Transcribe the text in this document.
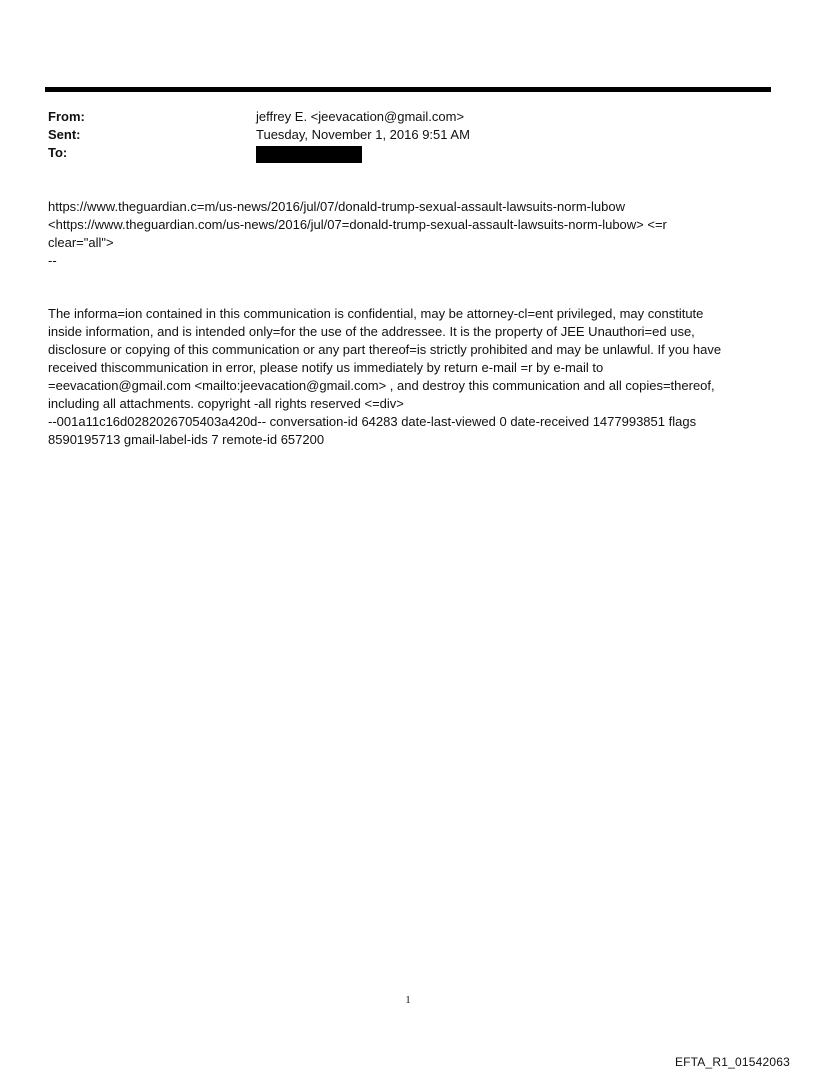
From:	jeffrey E. <jeevacation@gmail.com>
Sent:	Tuesday, November 1, 2016 9:51 AM
To:
https://www.theguardian.c=m/us-news/2016/jul/07/donald-trump-sexual-assault-lawsuits-norm-lubow
<https://www.theguardian.com/us-news/2016/jul/07=donald-trump-sexual-assault-lawsuits-norm-lubow> <=r
clear="all">
--
The informa=ion contained in this communication is confidential, may be attorney-cl=ent privileged, may constitute
inside information, and is intended only=for the use of the addressee. It is the property of JEE Unauthori=ed use,
disclosure or copying of this communication or any part thereof=is strictly prohibited and may be unlawful. If you have
received thiscommunication in error, please notify us immediately by return e-mail =r by e-mail to
=eevacation@gmail.com <mailto:jeevacation@gmail.com> , and destroy this communication and all copies=thereof,
including all attachments. copyright -all rights reserved <=div>
--001a11c16d0282026705403a420d-- conversation-id 64283 date-last-viewed 0 date-received 1477993851 flags
8590195713 gmail-label-ids 7 remote-id 657200
1
EFTA_R1_01542063
